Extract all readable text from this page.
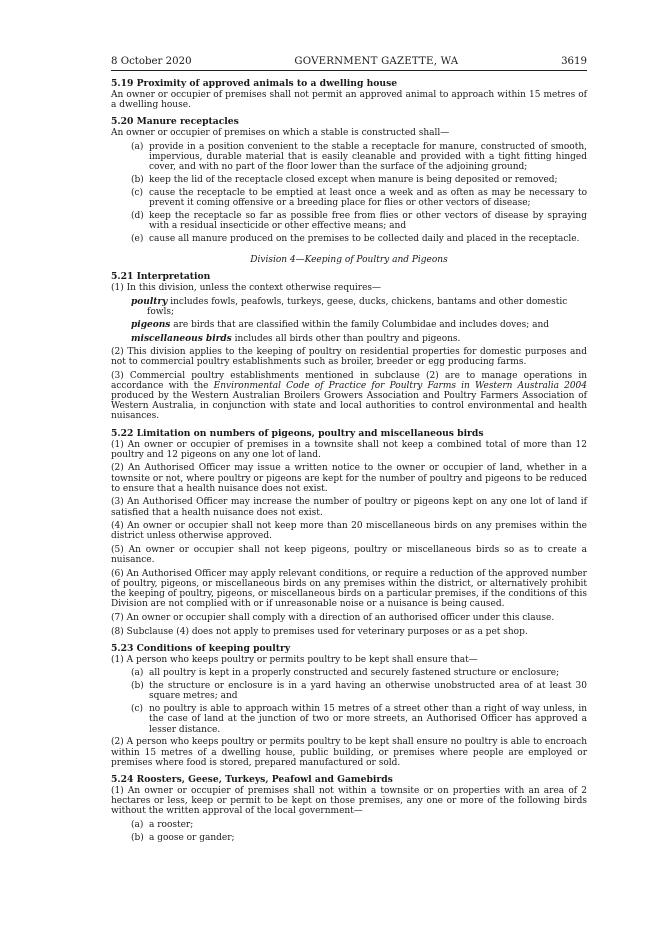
8 October 2020	GOVERNMENT GAZETTE, WA	3619
5.19 Proximity of approved animals to a dwelling house

An owner or occupier of premises shall not permit an approved animal to approach within 15 metres of a dwelling house.

5.20 Manure receptacles

An owner or occupier of premises on which a stable is constructed shall—

(a) provide in a position convenient to the stable a receptacle for manure, constructed of smooth, impervious, durable material that is easily cleanable and provided with a tight fitting hinged cover, and with no part of the floor lower than the surface of the adjoining ground;
(b) keep the lid of the receptacle closed except when manure is being deposited or removed;
(c) cause the receptacle to be emptied at least once a week and as often as may be necessary to prevent it coming offensive or a breeding place for flies or other vectors of disease;
(d) keep the receptacle so far as possible free from flies or other vectors of disease by spraying with a residual insecticide or other effective means; and
(e) cause all manure produced on the premises to be collected daily and placed in the receptacle.
Division 4—Keeping of Poultry and Pigeons
5.21 Interpretation

(1) In this division, unless the context otherwise requires—

poultry includes fowls, peafowls, turkeys, geese, ducks, chickens, bantams and other domestic
fowls;
pigeons are birds that are classified within the family Columbidae and includes doves; and
miscellaneous birds includes all birds other than poultry and pigeons.

(2) This division applies to the keeping of poultry on residential properties for domestic purposes and not to commercial poultry establishments such as broiler, breeder or egg producing farms.

(3) Commercial poultry establishments mentioned in subclause (2) are to manage operations in accordance with the Environmental Code of Practice for Poultry Farms in Western Australia 2004 produced by the Western Australian Broilers Growers Association and Poultry Farmers Association of Western Australia, in conjunction with state and local authorities to control environmental and health nuisances.

5.22 Limitation on numbers of pigeons, poultry and miscellaneous birds

(1) An owner or occupier of premises in a townsite shall not keep a combined total of more than 12 poultry and 12 pigeons on any one lot of land.

(2) An Authorised Officer may issue a written notice to the owner or occupier of land, whether in a townsite or not, where poultry or pigeons are kept for the number of poultry and pigeons to be reduced to ensure that a health nuisance does not exist.

(3) An Authorised Officer may increase the number of poultry or pigeons kept on any one lot of land if satisfied that a health nuisance does not exist.

(4) An owner or occupier shall not keep more than 20 miscellaneous birds on any premises within the district unless otherwise approved.

(5) An owner or occupier shall not keep pigeons, poultry or miscellaneous birds so as to create a nuisance.

(6) An Authorised Officer may apply relevant conditions, or require a reduction of the approved number of poultry, pigeons, or miscellaneous birds on any premises within the district, or alternatively prohibit the keeping of poultry, pigeons, or miscellaneous birds on a particular premises, if the conditions of this Division are not complied with or if unreasonable noise or a nuisance is being caused.

(7) An owner or occupier shall comply with a direction of an authorised officer under this clause.

(8) Subclause (4) does not apply to premises used for veterinary purposes or as a pet shop.

5.23 Conditions of keeping poultry

(1) A person who keeps poultry or permits poultry to be kept shall ensure that—

(a) all poultry is kept in a properly constructed and securely fastened structure or enclosure;
(b) the structure or enclosure is in a yard having an otherwise unobstructed area of at least 30 square metres; and
(c) no poultry is able to approach within 15 metres of a street other than a right of way unless, in the case of land at the junction of two or more streets, an Authorised Officer has approved a lesser distance.

(2) A person who keeps poultry or permits poultry to be kept shall ensure no poultry is able to encroach within 15 metres of a dwelling house, public building, or premises where people are employed or premises where food is stored, prepared manufactured or sold.

5.24 Roosters, Geese, Turkeys, Peafowl and Gamebirds

(1) An owner or occupier of premises shall not within a townsite or on properties with an area of 2 hectares or less, keep or permit to be kept on those premises, any one or more of the following birds without the written approval of the local government—

(a) a rooster;
(b) a goose or gander;
